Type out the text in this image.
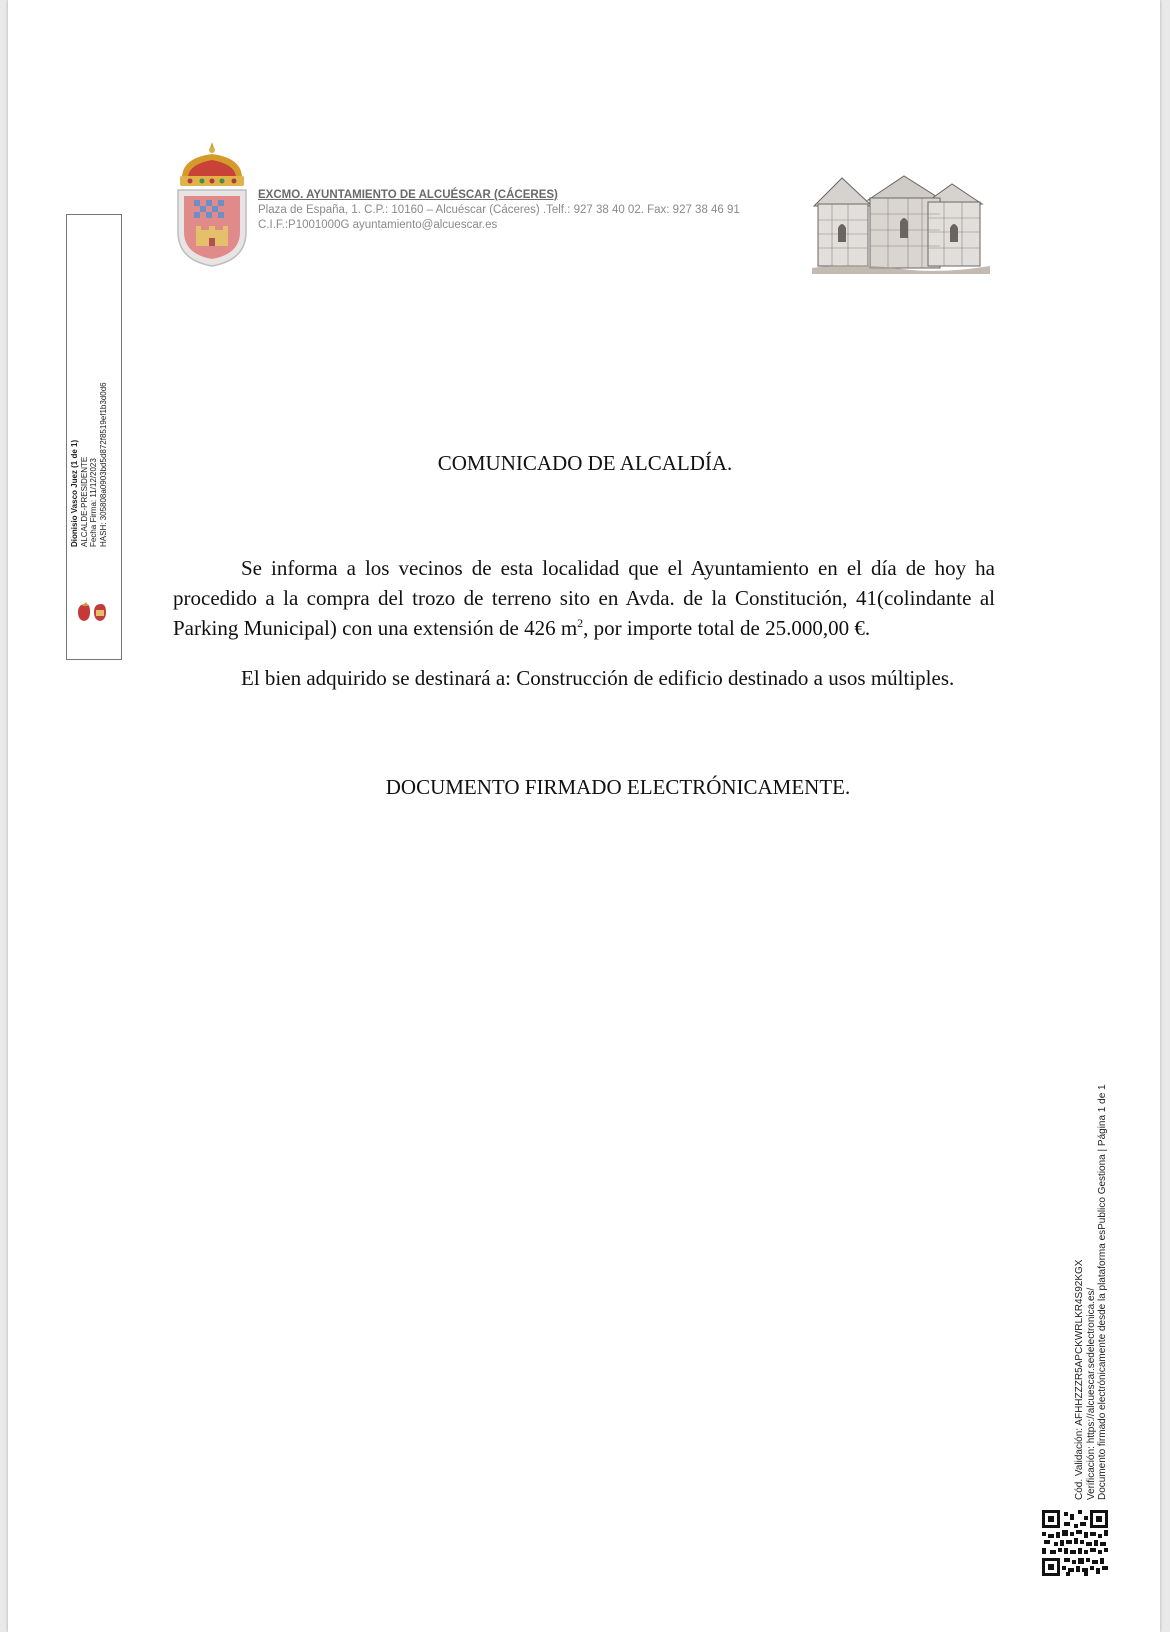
EXCMO. AYUNTAMIENTO DE ALCUÉSCAR (CÁCERES)
Plaza de España, 1. C.P.: 10160 – Alcuéscar (Cáceres) .Telf.: 927 38 40 02. Fax: 927 38 46 91
C.I.F.:P1001000G ayuntamiento@alcuescar.es
Dionisio Vasco Juez (1 de 1) ALCALDE-PRESIDENTE Fecha Firma: 11/12/2023 HASH: 305808a0903bd5d872f8519ef1b3d0d6	COMUNICADO DE ALCALDÍA.

Se informa a los vecinos de esta localidad que el Ayuntamiento en el día de hoy ha procedido a la compra del trozo de terreno sito en Avda. de la Constitución, 41(colindante al Parking Municipal) con una extensión de 426 $m^2$, por importe total de 25.000,00 €.

El bien adquirido se destinará a: Construcción de edificio destinado a usos múltiples.

DOCUMENTO FIRMADO ELECTRÓNICAMENTE.
Cód. Validación: AFHHZZZR5APCKWRLKR4S92KGX Verificación: https://alcuescar.sedelectronica.es/ Documento firmado electrónicamente desde la plataforma esPublico Gestiona | Página 1 de 1
